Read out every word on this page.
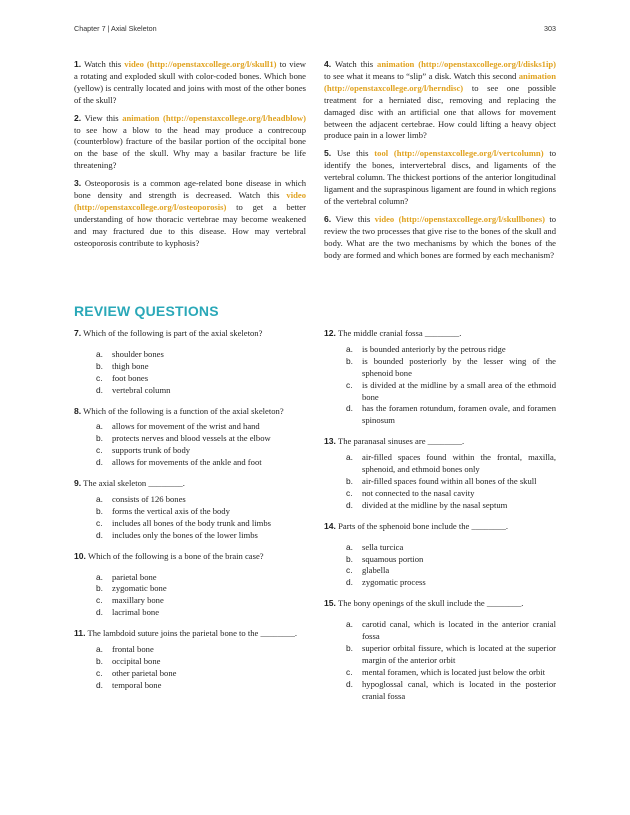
Chapter 7 | Axial Skeleton	303

1. Watch this video (http://openstaxcollege.org/l/skull1) to view a rotating and exploded skull with color-coded bones. Which bone (yellow) is centrally located and joins with most of the other bones of the skull?

2. View this animation (http://openstaxcollege.org/l/headblow) to see how a blow to the head may produce a contrecoup (counterblow) fracture of the basilar portion of the occipital bone on the base of the skull. Why may a basilar fracture be life threatening?

3. Osteoporosis is a common age-related bone disease in which bone density and strength is decreased. Watch this video (http://openstaxcollege.org/l/osteoporosis) to get a better understanding of how thoracic vertebrae may become weakened and may fractured due to this disease. How may vertebral osteoporosis contribute to kyphosis?

4. Watch this animation (http://openstaxcollege.org/l/disks1ip) to see what it means to “slip” a disk. Watch this second animation (http://openstaxcollege.org/l/herndisc) to see one possible treatment for a herniated disc, removing and replacing the damaged disc with an artificial one that allows for movement between the adjacent certebrae. How could lifting a heavy object produce pain in a lower limb?

5. Use this tool (http://openstaxcollege.org/l/vertcolumn) to identify the bones, intervertebral discs, and ligaments of the vertebral column. The thickest portions of the anterior longitudinal ligament and the supraspinous ligament are found in which regions of the vertebral column?

6. View this video (http://openstaxcollege.org/l/skullbones) to review the two processes that give rise to the bones of the skull and body. What are the two mechanisms by which the bones of the body are formed and which bones are formed by each mechanism?

REVIEW QUESTIONS

7. Which of the following is part of the axial skeleton?

a. shoulder bones
b. thigh bone
c. foot bones
d. vertebral column

8. Which of the following is a function of the axial skeleton?

a. allows for movement of the wrist and hand
b. protects nerves and blood vessels at the elbow
c. supports trunk of body
d. allows for movements of the ankle and foot

9. The axial skeleton ________.

a. consists of 126 bones
b. forms the vertical axis of the body
c. includes all bones of the body trunk and limbs
d. includes only the bones of the lower limbs

10. Which of the following is a bone of the brain case?

a. parietal bone
b. zygomatic bone
c. maxillary bone
d. lacrimal bone

11. The lambdoid suture joins the parietal bone to the ________.

a. frontal bone
b. occipital bone
c. other parietal bone
d. temporal bone

12. The middle cranial fossa ________.

a. is bounded anteriorly by the petrous ridge
b. is bounded posteriorly by the lesser wing of the sphenoid bone
c. is divided at the midline by a small area of the ethmoid bone
d. has the foramen rotundum, foramen ovale, and foramen spinosum

13. The paranasal sinuses are ________.

a. air-filled spaces found within the frontal, maxilla, sphenoid, and ethmoid bones only
b. air-filled spaces found within all bones of the skull
c. not connected to the nasal cavity
d. divided at the midline by the nasal septum

14. Parts of the sphenoid bone include the ________.

a. sella turcica
b. squamous portion
c. glabella
d. zygomatic process

15. The bony openings of the skull include the ________.

a. carotid canal, which is located in the anterior cranial fossa
b. superior orbital fissure, which is located at the superior margin of the anterior orbit
c. mental foramen, which is located just below the orbit
d. hypoglossal canal, which is located in the posterior cranial fossa
